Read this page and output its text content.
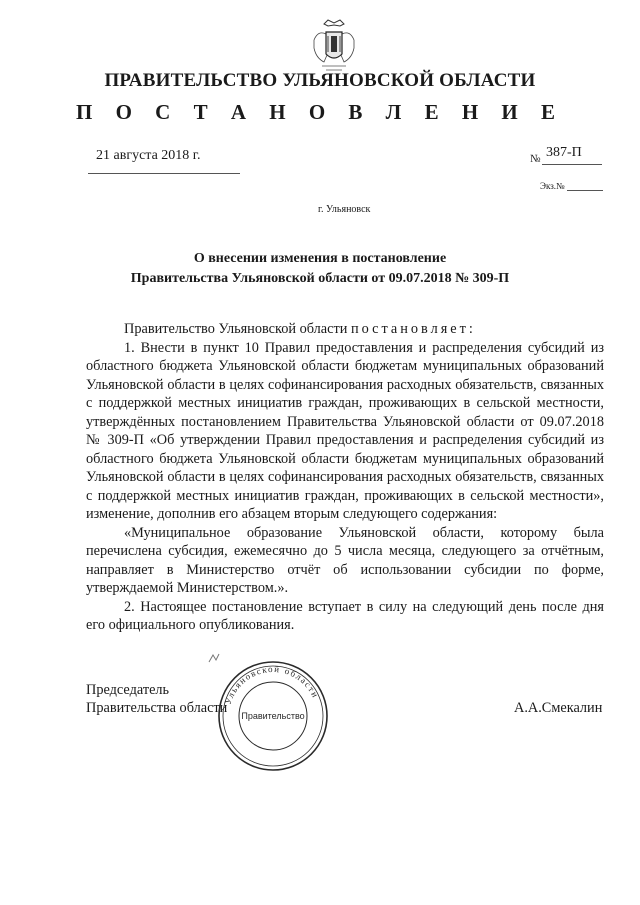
ПРАВИТЕЛЬСТВО УЛЬЯНОВСКОЙ ОБЛАСТИ
П О С Т А Н О В Л Е Н И Е
21 августа 2018 г.	№ 387-П
Экз.№
г. Ульяновск
О внесении изменения в постановление
Правительства Ульяновской области от 09.07.2018 № 309-П

Правительство Ульяновской области постановляет:

1. Внести в пункт 10 Правил предоставления и распределения субсидий из областного бюджета Ульяновской области бюджетам муниципальных образований Ульяновской области в целях софинансирования расходных обязательств, связанных с поддержкой местных инициатив граждан, проживающих в сельской местности, утверждённых постановлением Правительства Ульяновской области от 09.07.2018 № 309-П «Об утверждении Правил предоставления и распределения субсидий из областного бюджета Ульяновской области бюджетам муниципальных образований Ульяновской области в целях софинансирования расходных обязательств, связанных с поддержкой местных инициатив граждан, проживающих в сельской местности», изменение, дополнив его абзацем вторым следующего содержания:

«Муниципальное образование Ульяновской области, которому была перечислена субсидия, ежемесячно до 5 числа месяца, следующего за отчётным, направляет в Министерство отчёт об использовании субсидии по форме, утверждаемой Министерством.».

2. Настоящее постановление вступает в силу на следующий день после дня его официального опубликования.

Председатель
Правительства области	А.А.Смекалин
Ульяновской области
Правительство
